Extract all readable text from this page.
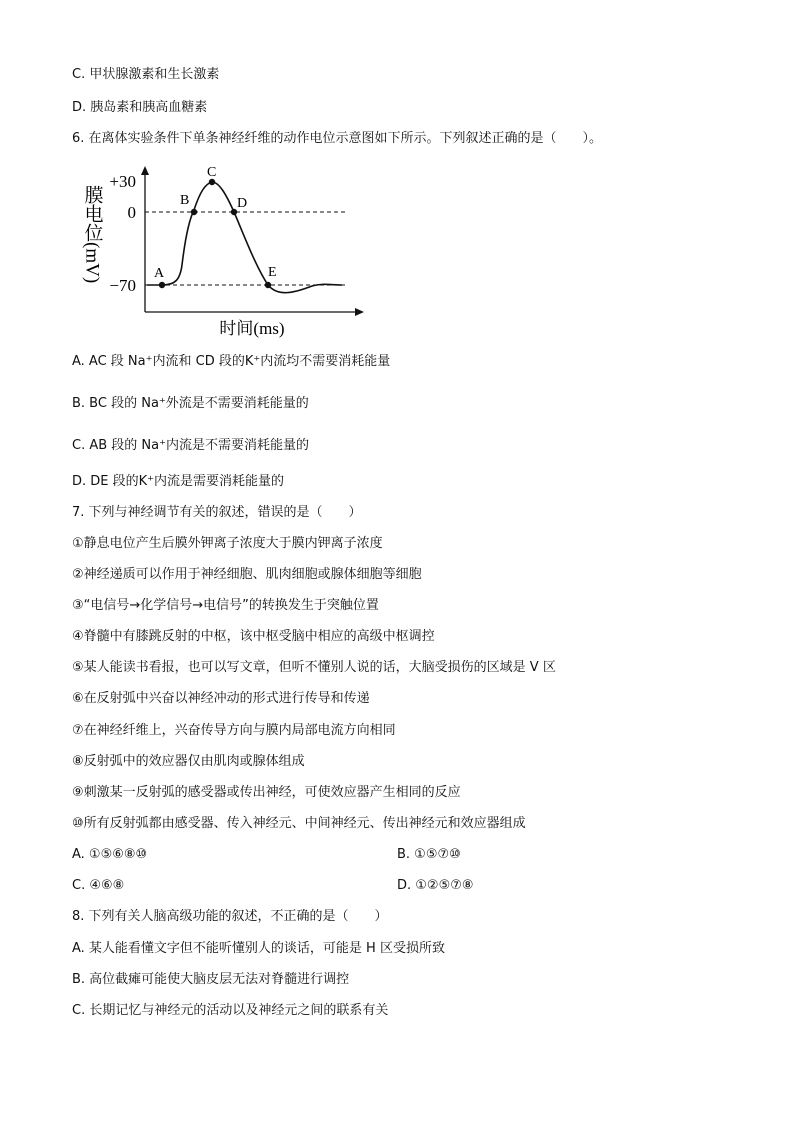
C. 甲状腺激素和生长激素
D. 胰岛素和胰高血糖素
6. 在离体实验条件下单条神经纤维的动作电位示意图如下所示。下列叙述正确的是（　　）。
A
B
C
D
E
+30
0
−70
膜电位(mV)
时间(ms)
A. AC 段 Na⁺内流和 CD 段的K⁺内流均不需要消耗能量
B. BC 段的 Na⁺外流是不需要消耗能量的
C. AB 段的 Na⁺内流是不需要消耗能量的
D. DE 段的K⁺内流是需要消耗能量的
7. 下列与神经调节有关的叙述，错误的是（　　）
①静息电位产生后膜外钾离子浓度大于膜内钾离子浓度
②神经递质可以作用于神经细胞、肌肉细胞或腺体细胞等细胞
③“电信号→化学信号→电信号”的转换发生于突触位置
④脊髓中有膝跳反射的中枢，该中枢受脑中相应的高级中枢调控
⑤某人能读书看报，也可以写文章，但听不懂别人说的话，大脑受损伤的区域是 V 区
⑥在反射弧中兴奋以神经冲动的形式进行传导和传递
⑦在神经纤维上，兴奋传导方向与膜内局部电流方向相同
⑧反射弧中的效应器仅由肌肉或腺体组成
⑨刺激某一反射弧的感受器或传出神经，可使效应器产生相同的反应
⑩所有反射弧都由感受器、传入神经元、中间神经元、传出神经元和效应器组成
A. ①⑤⑥⑧⑩	B. ①⑤⑦⑩
C. ④⑥⑧	D. ①②⑤⑦⑧
8. 下列有关人脑高级功能的叙述，不正确的是（　　）
A. 某人能看懂文字但不能听懂别人的谈话，可能是 H 区受损所致
B. 高位截瘫可能使大脑皮层无法对脊髓进行调控
C. 长期记忆与神经元的活动以及神经元之间的联系有关
